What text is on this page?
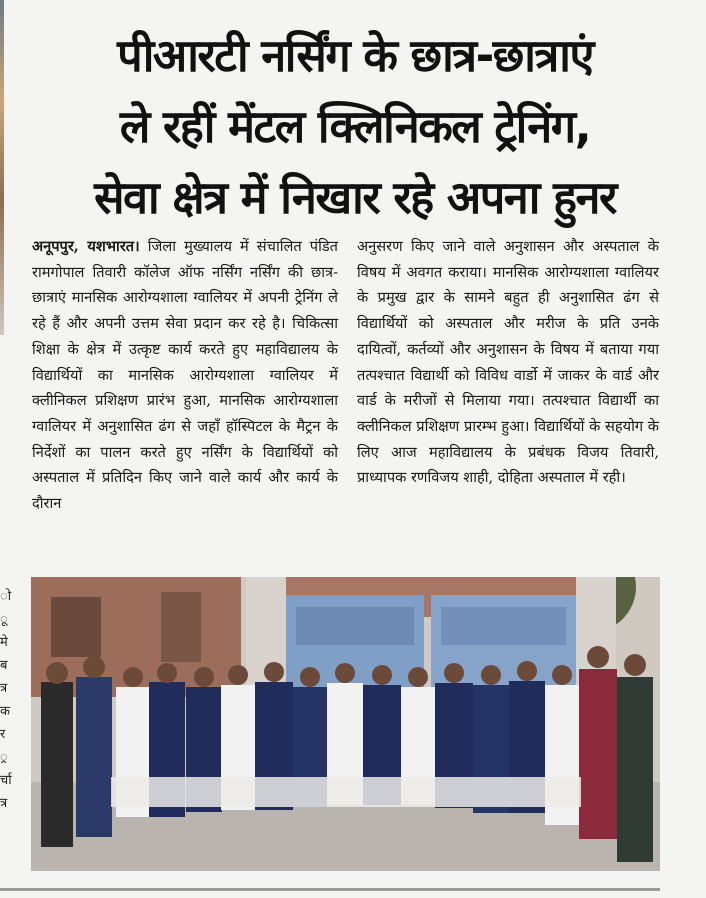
ो ू मे ब त्र क र ्र र्चा त्र
पीआरटी नर्सिंग के छात्र-छात्राएं
ले रहीं मेंटल क्लिनिकल ट्रेनिंग,
सेवा क्षेत्र में निखार रहे अपना हुनर

अनूपपुर, यशभारत। जिला मुख्यालय में संचालित पंडित रामगोपाल तिवारी कॉलेज ऑफ नर्सिंग नर्सिंग की छात्र-छात्राएं मानसिक आरोग्यशाला ग्वालियर में अपनी ट्रेनिंग ले रहे हैं और अपनी उत्तम सेवा प्रदान कर रहे है। चिकित्सा शिक्षा के क्षेत्र में उत्कृष्ट कार्य करते हुए महाविद्यालय के विद्यार्थियों का मानसिक आरोग्यशाला ग्वालियर में क्लीनिकल प्रशिक्षण प्रारंभ हुआ, मानसिक आरोग्यशाला ग्वालियर में अनुशासित ढंग से जहाँ हॉस्पिटल के मैट्रन के निर्देशों का पालन करते हुए नर्सिंग के विद्यार्थियों को अस्पताल में प्रतिदिन किए जाने वाले कार्य और कार्य के दौरान

अनुसरण किए जाने वाले अनुशासन और अस्पताल के विषय में अवगत कराया। मानसिक आरोग्यशाला ग्वालियर के प्रमुख द्वार के सामने बहुत ही अनुशासित ढंग से विद्यार्थियों को अस्पताल और मरीज के प्रति उनके दायित्वों, कर्तव्यों और अनुशासन के विषय में बताया गया तत्पश्चात विद्यार्थी को विविध वार्डो में जाकर के वार्ड और वार्ड के मरीजों से मिलाया गया। तत्पश्चात विद्यार्थी का क्लीनिकल प्रशिक्षण प्रारम्भ हुआ। विद्यार्थियों के सहयोग के लिए आज महाविद्यालय के प्रबंधक विजय तिवारी, प्राध्यापक रणविजय शाही, दोहिता अस्पताल में रही।
